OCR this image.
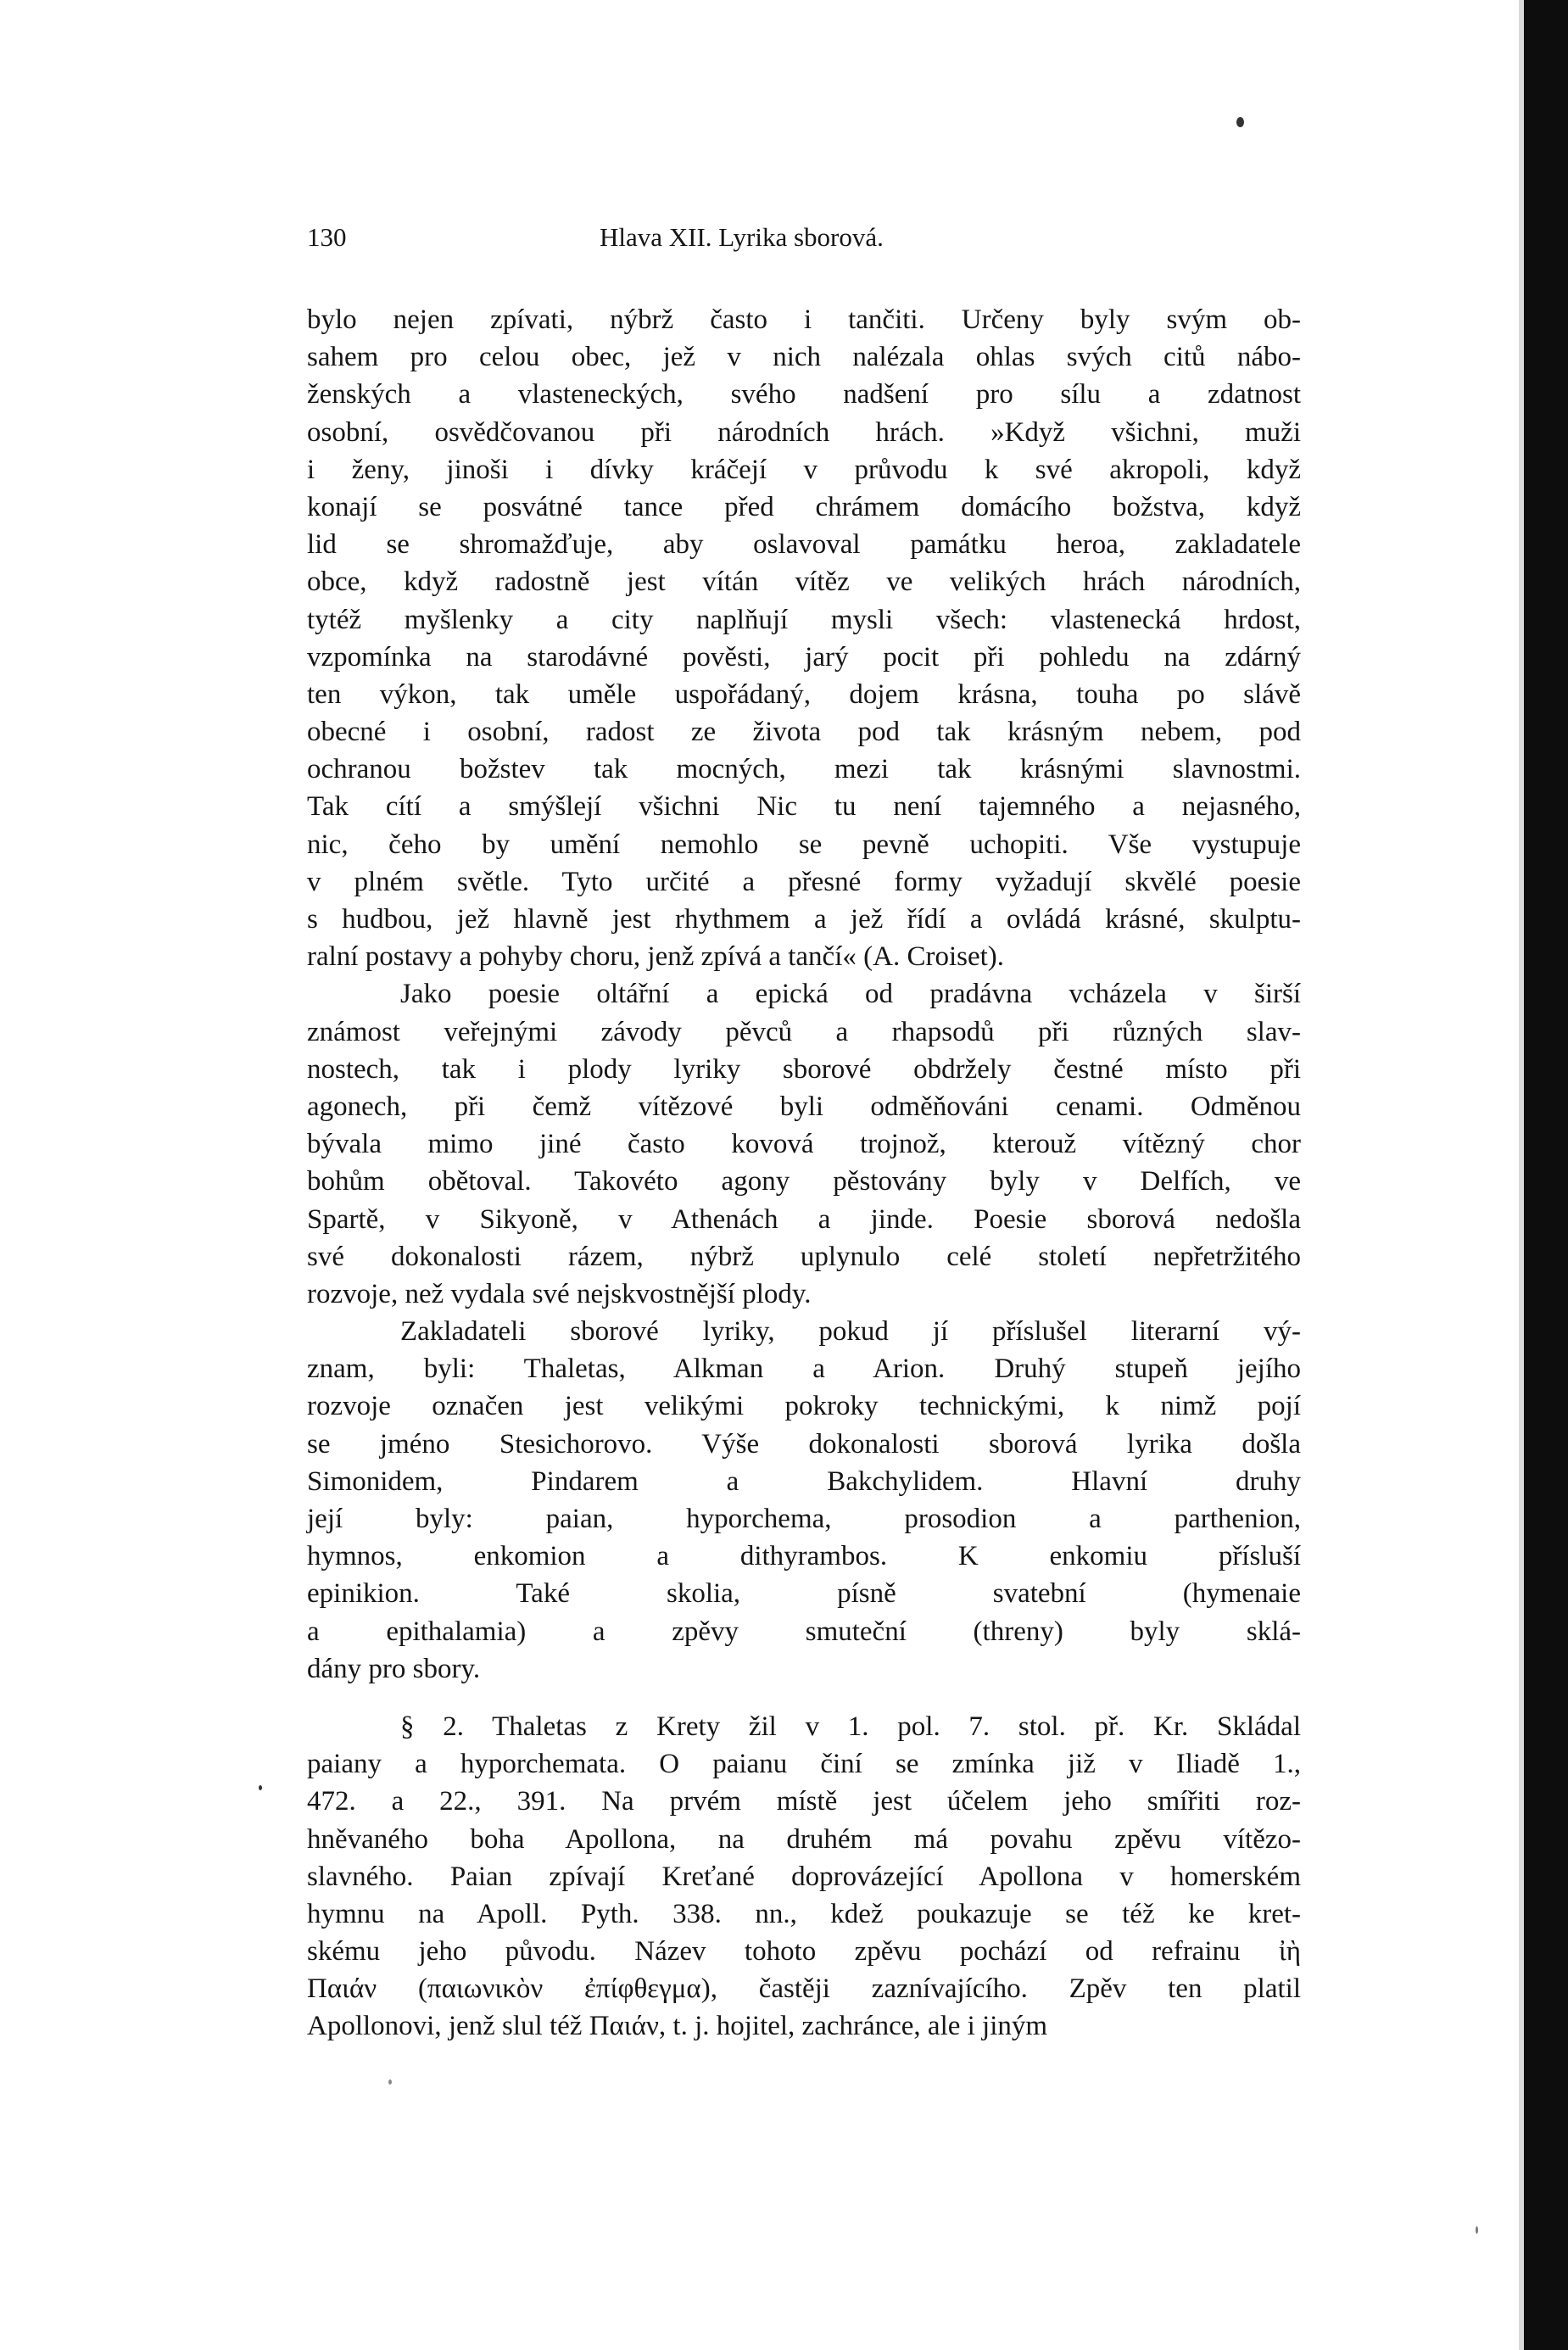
130	Hlava XII. Lyrika sborová.
bylo nejen zpívati, nýbrž často i tančiti. Určeny byly svým ob-
sahem pro celou obec, jež v nich nalézala ohlas svých citů nábo-
ženských a vlasteneckých, svého nadšení pro sílu a zdatnost
osobní, osvědčovanou při národních hrách. »Když všichni, muži
i ženy, jinoši i dívky kráčejí v průvodu k své akropoli, když
konají se posvátné tance před chrámem domácího božstva, když
lid se shromažďuje, aby oslavoval památku heroa, zakladatele
obce, když radostně jest vítán vítěz ve velikých hrách národních,
tytéž myšlenky a city naplňují mysli všech: vlastenecká hrdost,
vzpomínka na starodávné pověsti, jarý pocit při pohledu na zdárný
ten výkon, tak uměle uspořádaný, dojem krásna, touha po slávě
obecné i osobní, radost ze života pod tak krásným nebem, pod
ochranou božstev tak mocných, mezi tak krásnými slavnostmi.
Tak cítí a smýšlejí všichni Nic tu není tajemného a nejasného,
nic, čeho by umění nemohlo se pevně uchopiti. Vše vystupuje
v plném světle. Tyto určité a přesné formy vyžadují skvělé poesie
s hudbou, jež hlavně jest rhythmem a jež řídí a ovládá krásné, skulptu-
ralní postavy a pohyby choru, jenž zpívá a tančí« (A. Croiset).
Jako poesie oltářní a epická od pradávna vcházela v širší
známost veřejnými závody pěvců a rhapsodů při různých slav-
nostech, tak i plody lyriky sborové obdržely čestné místo při
agonech, při čemž vítězové byli odměňováni cenami. Odměnou
bývala mimo jiné často kovová trojnož, kterouž vítězný chor
bohům obětoval. Takovéto agony pěstovány byly v Delfích, ve
Spartě, v Sikyoně, v Athenách a jinde. Poesie sborová nedošla
své dokonalosti rázem, nýbrž uplynulo celé století nepřetržitého
rozvoje, než vydala své nejskvostnější plody.
Zakladateli sborové lyriky, pokud jí příslušel literarní vý-
znam, byli: Thaletas, Alkman a Arion. Druhý stupeň jejího
rozvoje označen jest velikými pokroky technickými, k nimž pojí
se jméno Stesichorovo. Výše dokonalosti sborová lyrika došla
Simonidem, Pindarem a Bakchylidem. Hlavní druhy
její byly: paian, hyporchema, prosodion a parthenion,
hymnos, enkomion a dithyrambos. K enkomiu přísluší
epinikion. Také skolia, písně svatební (hymenaie
a epithalamia) a zpěvy smuteční (threny) byly sklá-
dány pro sbory.
§ 2. Thaletas z Krety žil v 1. pol. 7. stol. př. Kr. Skládal
paiany a hyporchemata. O paianu činí se zmínka již v Iliadě 1.,
472. a 22., 391. Na prvém místě jest účelem jeho smířiti roz-
hněvaného boha Apollona, na druhém má povahu zpěvu vítězo-
slavného. Paian zpívají Kreťané doprovázející Apollona v homerském
hymnu na Apoll. Pyth. 338. nn., kdež poukazuje se též ke kret-
skému jeho původu. Název tohoto zpěvu pochází od refrainu ἰὴ
Παιάν (παιωνικὸν ἐπίφθεγμα), častěji zaznívajícího. Zpěv ten platil
Apollonovi, jenž slul též Παιάν, t. j. hojitel, zachránce, ale i jiným
